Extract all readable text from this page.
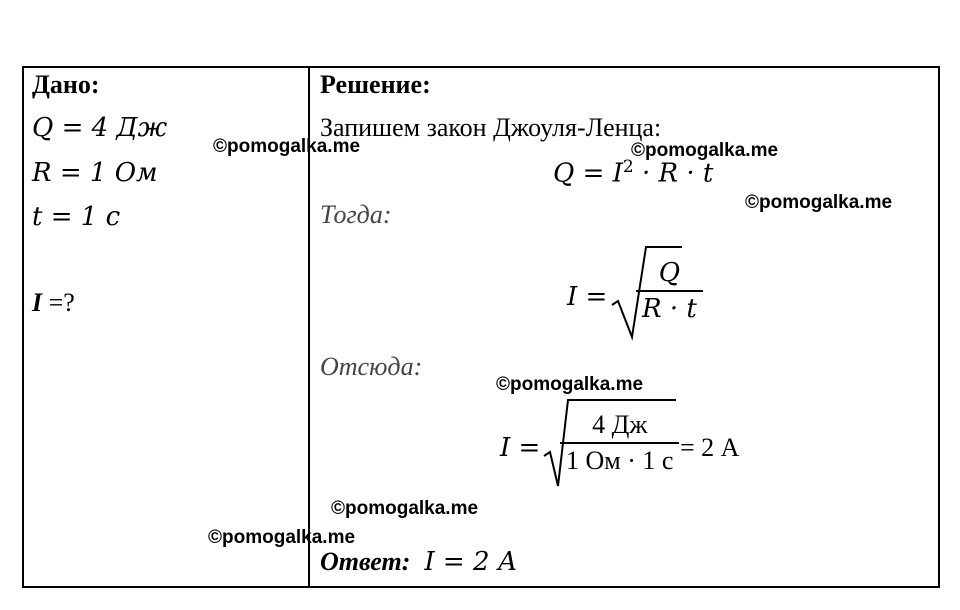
Дано:
Q = 4 Дж
R = 1 Ом
t = 1 с
I =?
Решение:
Запишем закон Джоуля-Ленца:
$Q = I^2 \cdot R \cdot t$
Тогда:
$I = \frac{Q}{R \cdot t}$
Отсюда:
$I = \frac{4 Дж}{1 Ом \cdot 1 с} = 2$ А
Ответ: I = 2 А
©pomogalka.me	©pomogalka.me
©pomogalka.me
©pomogalka.me
©pomogalka.me
©pomogalka.me
